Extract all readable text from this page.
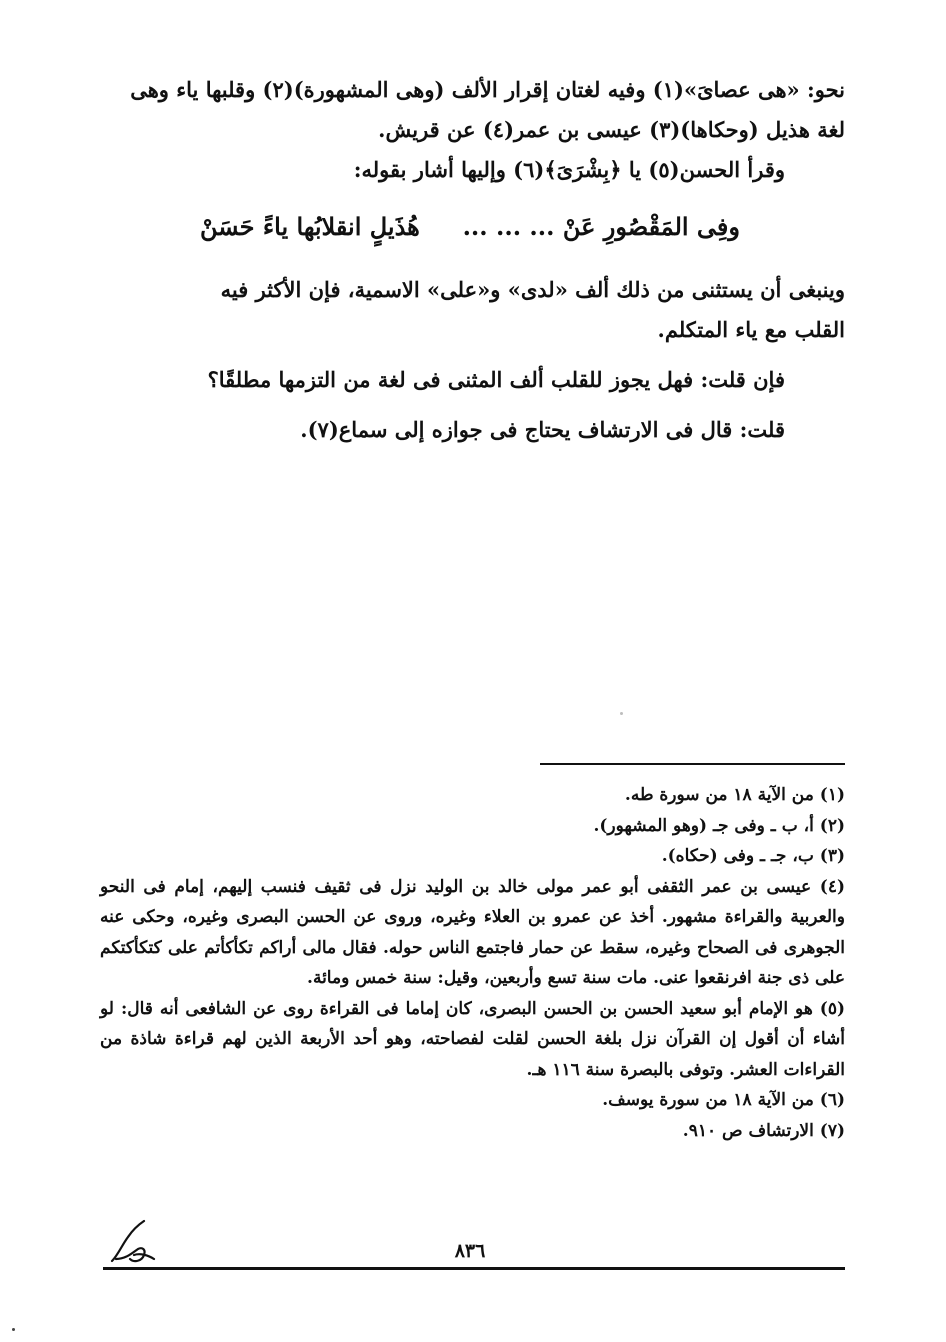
نحو: «هى عصاىَ»(١) وفيه لغتان إقرار الألف (وهى المشهورة)(٢) وقلبها ياء وهى
لغة هذيل (وحكاها)(٣) عيسى بن عمر(٤) عن قريش.
وقرأ الحسن(٥) يا ﴿بِشْرَىَ﴾(٦) وإليها أشار بقوله:
... ... ... وفِى المَقْصُورِ عَنْ
هُذَيلٍ انقلابُها ياءً حَسَنْ
وينبغى أن يستثنى من ذلك ألف «لدى» و«على» الاسمية، فإن الأكثر فيه
القلب مع ياء المتكلم.
فإن قلت: فهل يجوز للقلب ألف المثنى فى لغة من التزمها مطلقًا؟
قلت: قال فى الارتشاف يحتاج فى جوازه إلى سماع(٧).
(١) من الآية ١٨ من سورة طه.
(٢) أ، ب ـ وفى جـ (وهو المشهور).
(٣) ب، جـ ـ وفى (حكاه).
(٤) عيسى بن عمر الثقفى أبو عمر مولى خالد بن الوليد نزل فى ثقيف فنسب إليهم، إمام فى النحو والعربية والقراءة مشهور. أخذ عن عمرو بن العلاء وغيره، وروى عن الحسن البصرى وغيره، وحكى عنه الجوهرى فى الصحاح وغيره، سقط عن حمار فاجتمع الناس حوله. فقال مالى أراكم تكأكأتم على كتكأكتكم على ذى جنة افرنقعوا عنى. مات سنة تسع وأربعين، وقيل: سنة خمس ومائة.
(٥) هو الإمام أبو سعيد الحسن بن الحسن البصرى، كان إماما فى القراءة روى عن الشافعى أنه قال: لو أشاء أن أقول إن القرآن نزل بلغة الحسن لقلت لفصاحته، وهو أحد الأربعة الذين لهم قراءة شاذة من القراءات العشر. وتوفى بالبصرة سنة ١١٦ هـ.
(٦) من الآية ١٨ من سورة يوسف.
(٧) الارتشاف ص ٩١٠.
٨٣٦
